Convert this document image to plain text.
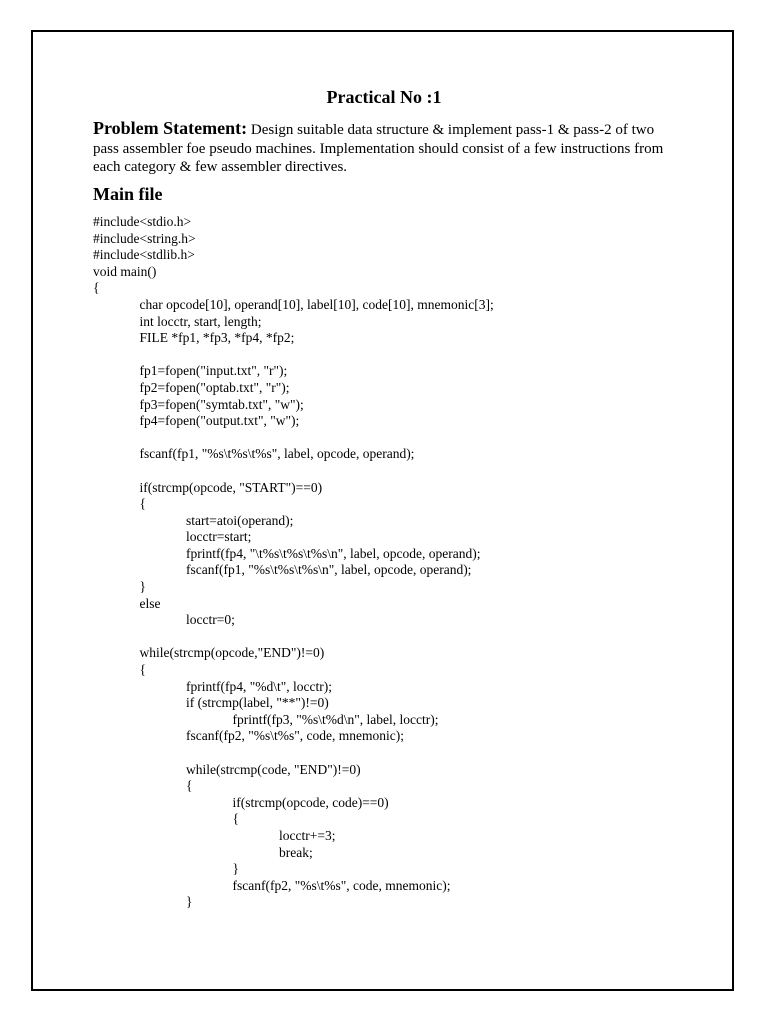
Practical No :1
Problem Statement: Design suitable data structure & implement pass-1 & pass-2 of two pass assembler foe pseudo machines. Implementation should consist of a few instructions from each category & few assembler directives.
Main file
#include<stdio.h>
#include<string.h>
#include<stdlib.h>
void main()
{
char opcode[10], operand[10], label[10], code[10], mnemonic[3];
int locctr, start, length;
FILE *fp1, *fp3, *fp4, *fp2;
fp1=fopen("input.txt", "r");
fp2=fopen("optab.txt", "r");
fp3=fopen("symtab.txt", "w");
fp4=fopen("output.txt", "w");
fscanf(fp1, "%s\t%s\t%s", label, opcode, operand);
if(strcmp(opcode, "START")==0)
{
start=atoi(operand);
locctr=start;
fprintf(fp4, "\t%s\t%s\t%s\n", label, opcode, operand);
fscanf(fp1, "%s\t%s\t%s\n", label, opcode, operand);
}
else
locctr=0;
while(strcmp(opcode,"END")!=0)
{
fprintf(fp4, "%d\t", locctr);
if (strcmp(label, "**")!=0)
fprintf(fp3, "%s\t%d\n", label, locctr);
fscanf(fp2, "%s\t%s", code, mnemonic);
while(strcmp(code, "END")!=0)
{
if(strcmp(opcode, code)==0)
{
locctr+=3;
break;
}
fscanf(fp2, "%s\t%s", code, mnemonic);
}
